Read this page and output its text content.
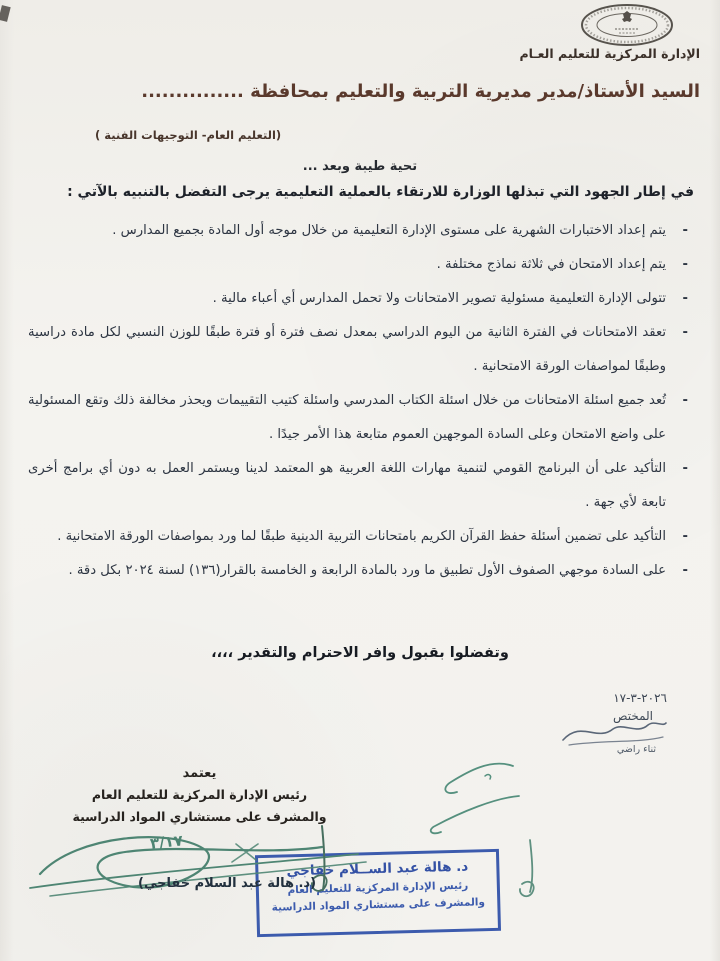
الإدارة المركزية للتعليم العـام
السيد الأستاذ/مدير مديرية التربية والتعليم بمحافظة ...............
(التعليم العام- التوجيهات الفنية )
تحية طيبة وبعد ...
في إطار الجهود التي تبذلها الوزارة للارتقاء بالعملية التعليمية يرجى التفضل بالتنبيه بالآتي :
-
يتم إعداد الاختبارات الشهرية على مستوى الإدارة التعليمية من خلال موجه أول المادة بجميع المدارس .
-
يتم إعداد الامتحان في ثلاثة نماذج مختلفة .
-
تتولى الإدارة التعليمية مسئولية تصوير الامتحانات ولا تحمل المدارس أي أعباء مالية .
-
تعقد الامتحانات في الفترة الثانية من اليوم الدراسي بمعدل نصف فترة أو فترة طبقًا للوزن النسبي لكل مادة دراسية وطبقًا لمواصفات الورقة الامتحانية .
-
تُعد جميع اسئلة الامتحانات من خلال اسئلة الكتاب المدرسي واسئلة كتيب التقييمات ويحذر مخالفة ذلك وتقع المسئولية على واضع الامتحان وعلى السادة الموجهين العموم متابعة هذا الأمر جيدًا .
-
التأكيد على أن البرنامج القومي لتنمية مهارات اللغة العربية هو المعتمد لدينا ويستمر العمل به دون أي برامج أخرى تابعة لأي جهة .
-
التأكيد على تضمين أسئلة حفظ القرآن الكريم بامتحانات التربية الدينية طبقًا لما ورد بمواصفات الورقة الامتحانية .
-
على السادة موجهي الصفوف الأول تطبيق ما ورد بالمادة الرابعة و الخامسة بالقرار(١٣٦) لسنة ٢٠٢٤ بكل دقة .
وتفضلوا بقبول وافر الاحترام والتقدير ،،،،
٢٠٢٦-٣-١٧
المختص
ثناء راضي
يعتمد
رئيس الإدارة المركزية للتعليم العام
والمشرف على مستشاري المواد الدراسية
٣/١٧
(د. هالة عبد السلام خفاجي)
د. هالة عبد الســلام خفاجي
رئيس الإدارة المركزية للتعليم العام
والمشرف على مستشاري المواد الدراسية
